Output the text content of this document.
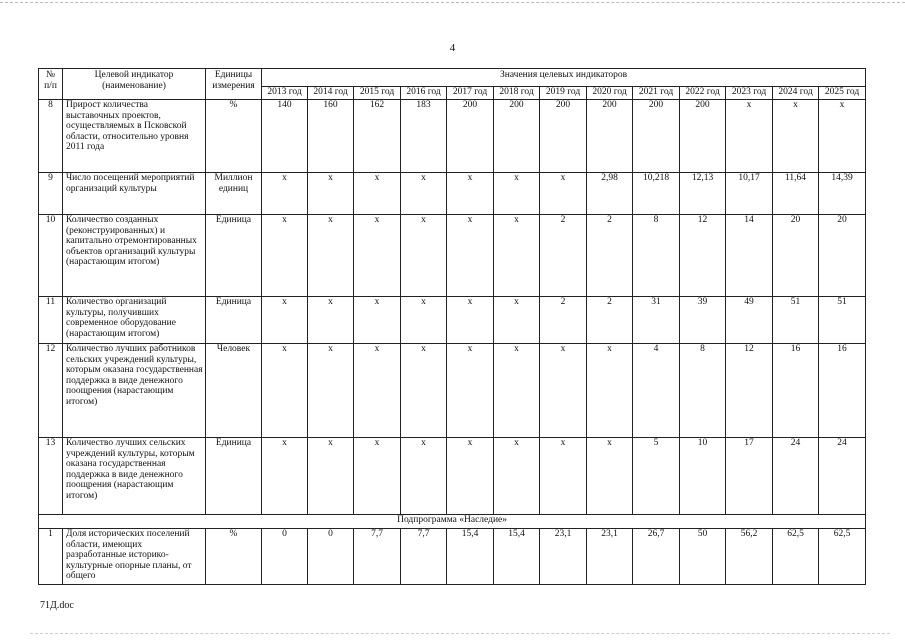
4
№ п/п	Целевой индикатор (наименование)	Единицы измерения	Значения целевых индикаторов												
			2013 год	2014 год	2015 год	2016 год	2017 год	2018 год	2019 год	2020 год	2021 год	2022 год	2023 год	2024 год	2025 год
8	Прирост количества выставочных проектов, осуществляемых в Псковской области, относительно уровня 2011 года	%	140	160	162	183	200	200	200	200	200	200	х	х	х
9	Число посещений мероприятий организаций культуры	Миллион единиц	х	х	х	х	х	х	х	2,98	10,218	12,13	10,17	11,64	14,39
10	Количество созданных (реконструированных) и капитально отремонтированных объектов организаций культуры (нарастающим итогом)	Единица	х	х	х	х	х	х	2	2	8	12	14	20	20
11	Количество организаций культуры, получивших современное оборудование (нарастающим итогом)	Единица	х	х	х	х	х	х	2	2	31	39	49	51	51
12	Количество лучших работников сельских учреждений культуры, которым оказана государственная поддержка в виде денежного поощрения (нарастающим итогом)	Человек	х	х	х	х	х	х	х	х	4	8	12	16	16
13	Количество лучших сельских учреждений культуры, которым оказана государственная поддержка в виде денежного поощрения (нарастающим итогом)	Единица	х	х	х	х	х	х	х	х	5	10	17	24	24
Подпрограмма «Наследие»															
1	Доля исторических поселений области, имеющих разработанные историко-культурные опорные планы, от общего	%	0	0	7,7	7,7	15,4	15,4	23,1	23,1	26,7	50	56,2	62,5	62,5
71Д.doc
